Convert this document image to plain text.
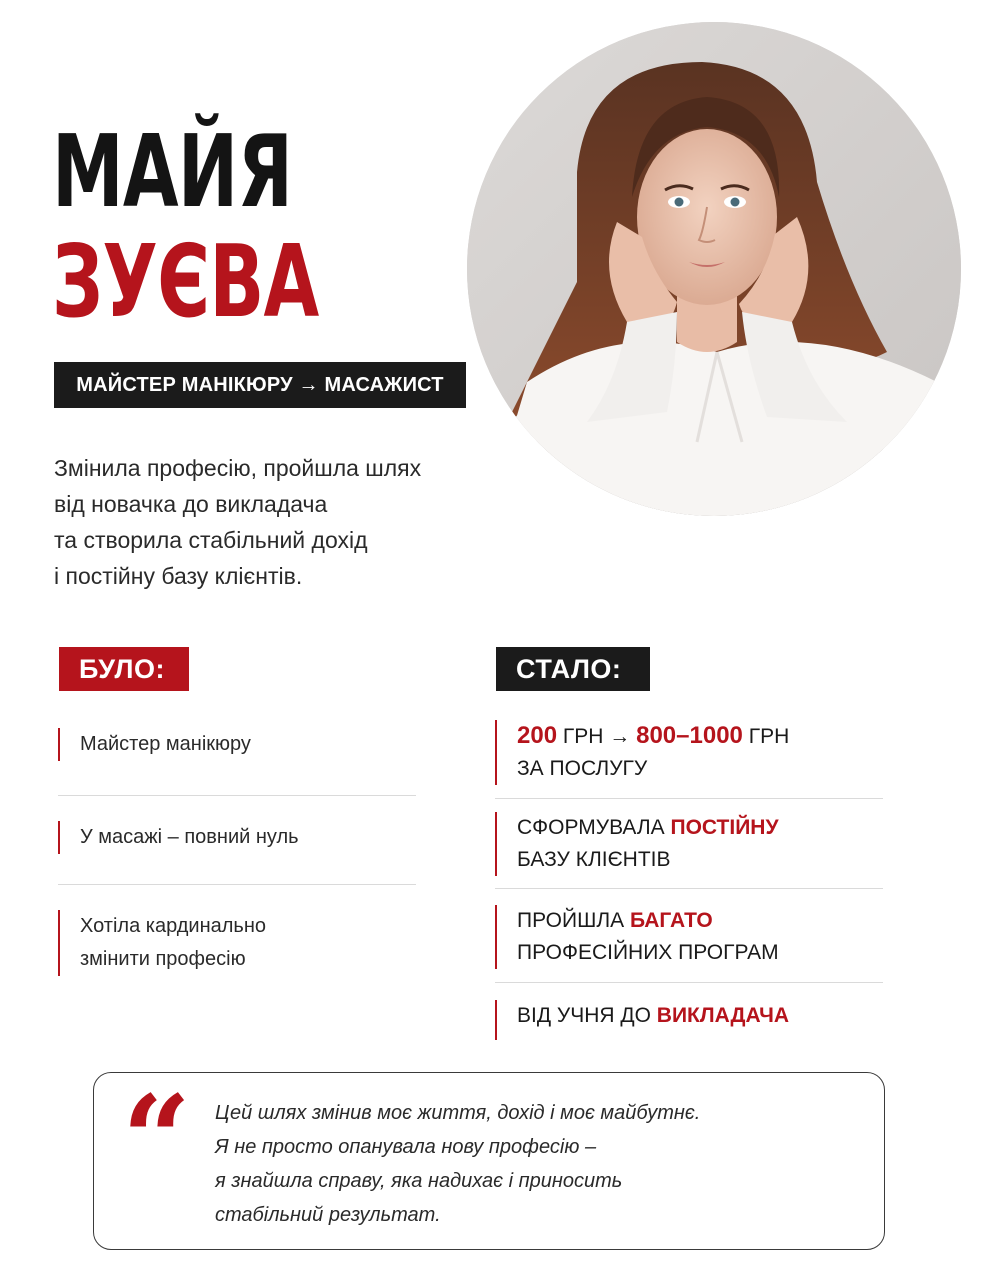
МАЙЯ
ЗУЄВА
МАЙСТЕР МАНІКЮРУ → МАСАЖИСТ
Змінила професію, пройшла шлях
від новачка до викладача
та створила стабільний дохід
і постійну базу клієнтів.
БУЛО:
Майстер манікюру
У масажі – повний нуль
Хотіла кардинально
змінити професію
СТАЛО:
200 ГРН → 800–1000 ГРН
ЗА ПОСЛУГУ
СФОРМУВАЛА ПОСТІЙНУ
БАЗУ КЛІЄНТІВ
ПРОЙШЛА БАГАТО
ПРОФЕСІЙНИХ ПРОГРАМ
ВІД УЧНЯ ДО ВИКЛАДАЧА
“ Цей шлях змінив моє життя, дохід і моє майбутнє.
Я не просто опанувала нову професію –
я знайшла справу, яка надихає і приносить
стабільний результат.
